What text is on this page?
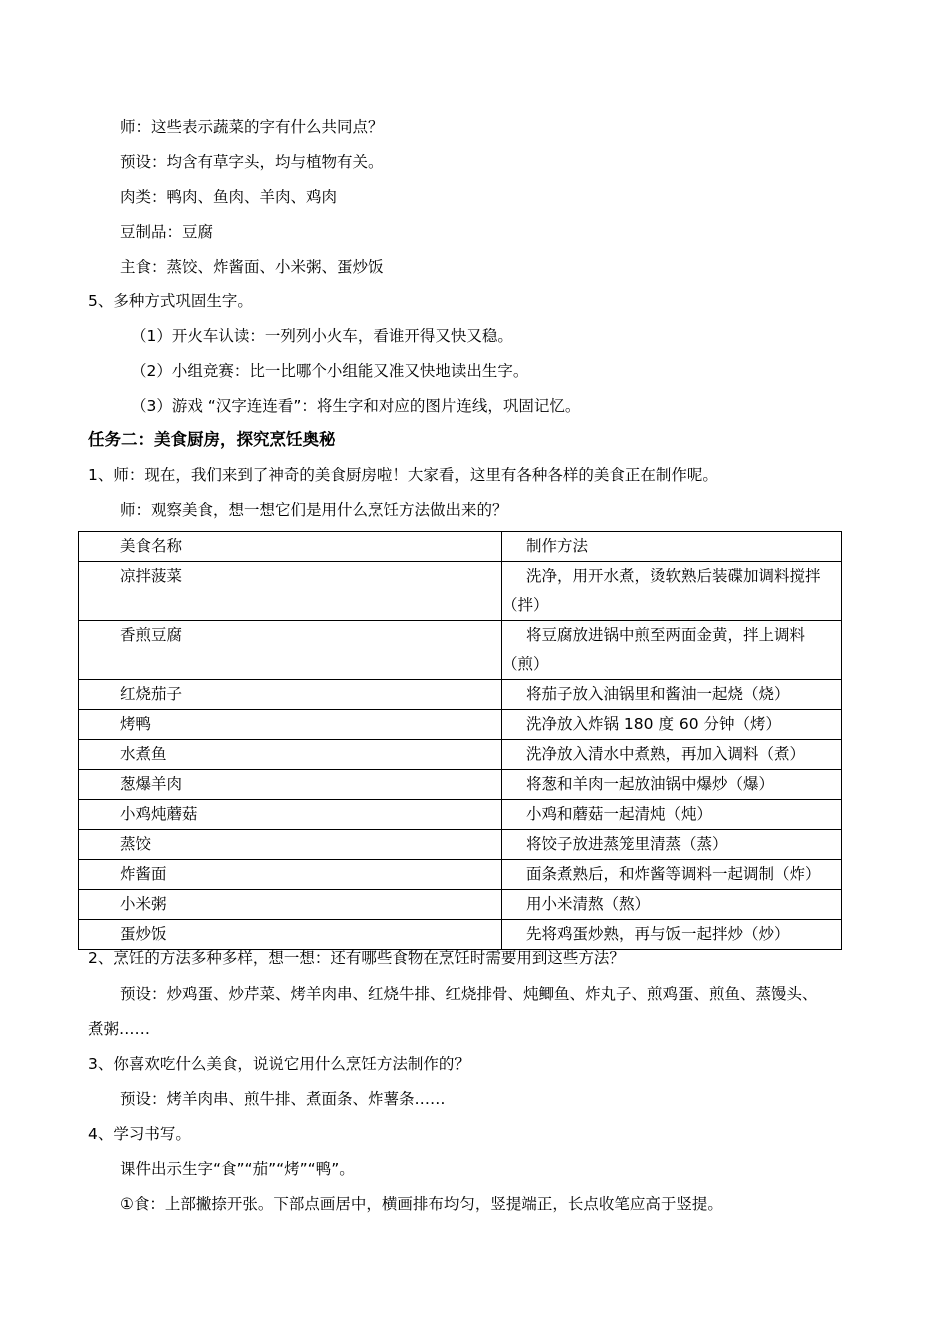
师：这些表示蔬菜的字有什么共同点？
预设：均含有草字头，均与植物有关。
肉类：鸭肉、鱼肉、羊肉、鸡肉
豆制品：豆腐
主食：蒸饺、炸酱面、小米粥、蛋炒饭
5、多种方式巩固生字。
（1）开火车认读：一列列小火车，看谁开得又快又稳。
（2）小组竞赛：比一比哪个小组能又准又快地读出生字。
（3）游戏 “汉字连连看”：将生字和对应的图片连线，巩固记忆。
任务二：美食厨房，探究烹饪奥秘
1、师：现在，我们来到了神奇的美食厨房啦！大家看，这里有各种各样的美食正在制作呢。
师：观察美食，想一想它们是用什么烹饪方法做出来的？
美食名称	制作方法

凉拌菠菜	洗净，用开水煮，烫软熟后装碟加调料搅拌（拌）

香煎豆腐	将豆腐放进锅中煎至两面金黄，拌上调料（煎）

红烧茄子	将茄子放入油锅里和酱油一起烧（烧）

烤鸭	洗净放入炸锅 180 度 60 分钟（烤）

水煮鱼	洗净放入清水中煮熟，再加入调料（煮）

葱爆羊肉	将葱和羊肉一起放油锅中爆炒（爆）

小鸡炖蘑菇	小鸡和蘑菇一起清炖（炖）

蒸饺	将饺子放进蒸笼里清蒸（蒸）

炸酱面	面条煮熟后，和炸酱等调料一起调制（炸）

小米粥	用小米清熬（熬）

蛋炒饭	先将鸡蛋炒熟，再与饭一起拌炒（炒）
2、烹饪的方法多种多样，想一想：还有哪些食物在烹饪时需要用到这些方法？
预设：炒鸡蛋、炒芹菜、烤羊肉串、红烧牛排、红烧排骨、炖鲫鱼、炸丸子、煎鸡蛋、煎鱼、蒸馒头、
煮粥……
3、你喜欢吃什么美食，说说它用什么烹饪方法制作的？
预设：烤羊肉串、煎牛排、煮面条、炸薯条……
4、学习书写。
课件出示生字“食”“茄”“烤”“鸭”。
①食：上部撇捺开张。下部点画居中，横画排布均匀，竖提端正，长点收笔应高于竖提。
